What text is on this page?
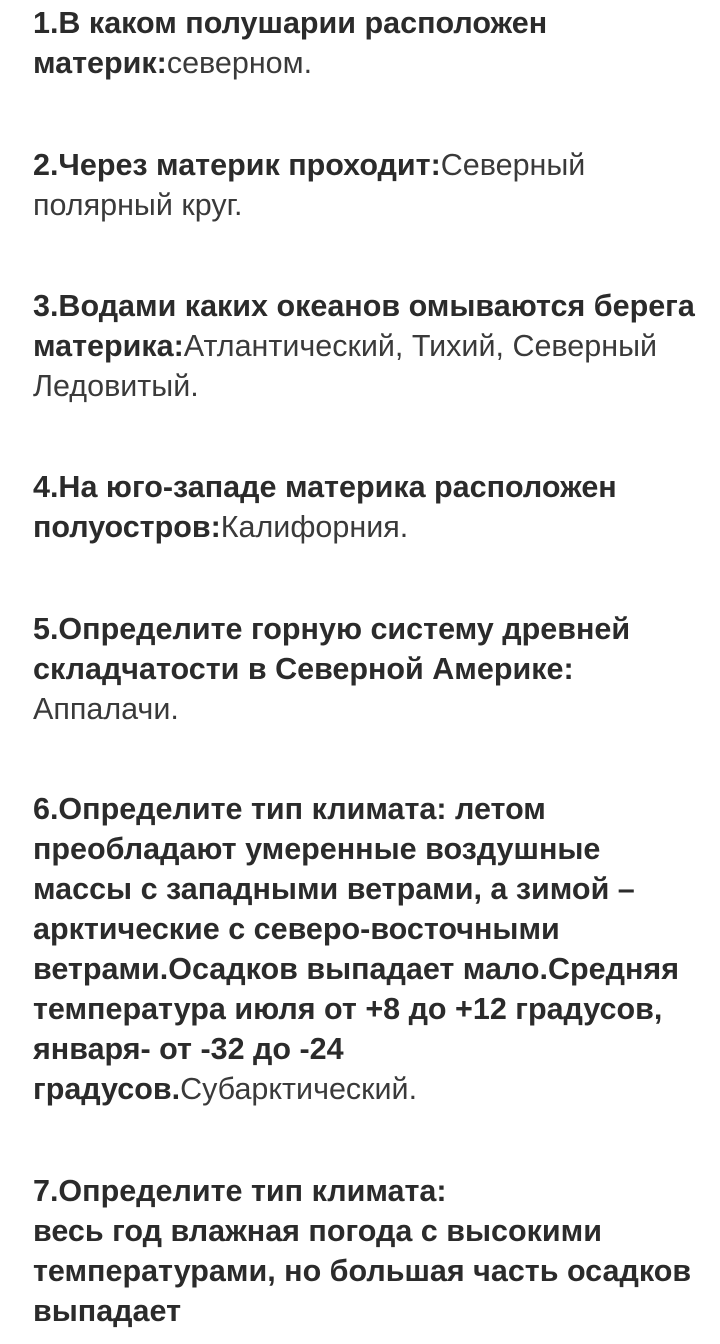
1.В каком полушарии расположен материк:северном.

2.Через материк проходит:Северный полярный круг.

3.Водами каких океанов омываются берега материка:Атлантический, Тихий, Северный Ледовитый.

4.На юго-западе материка расположен полуостров:Калифорния.

5.Определите горную систему древней складчатости в Северной Америке: Аппалачи.

6.Определите тип климата: летом преобладают умеренные воздушные массы с западными ветрами, а зимой – арктические с северо-восточными ветрами.Осадков выпадает мало.Средняя температура июля от +8 до +12 градусов, января- от -32 до -24 градусов.Субарктический.

7.Определите тип климата:
весь год влажная погода с высокими температурами, но большая часть осадков выпадает
